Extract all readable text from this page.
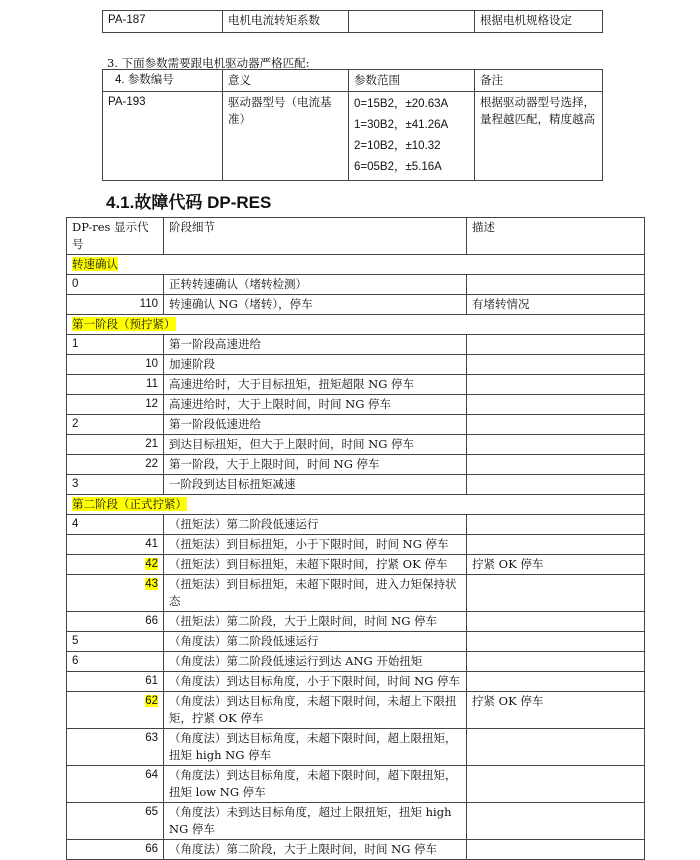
PA-187	电机电流转矩系数		根据电机规格设定
3. 下面参数需要跟电机驱动器严格匹配:
4. 参数编号	意义	参数范围	备注
PA-193	驱动器型号（电流基准）	0=15B2，±20.63A
1=30B2，±41.26A
2=10B2，±10.32
6=05B2，±5.16A	根据驱动器型号选择，量程越匹配，精度越高
4.1.故障代码 DP-RES
DP-res 显示代号	阶段细节	描述
转速确认		
0	正转转速确认（堵转检测）	
110	转速确认 NG（堵转），停车	有堵转情况
第一阶段（预拧紧）		
1	第一阶段高速进给	
10	加速阶段	
11	高速进给时，大于目标扭矩，扭矩超限 NG 停车	
12	高速进给时，大于上限时间，时间 NG 停车	
2	第一阶段低速进给	
21	到达目标扭矩，但大于上限时间，时间 NG 停车	
22	第一阶段，大于上限时间，时间 NG 停车	
3	一阶段到达目标扭矩减速	
第二阶段（正式拧紧）		
4	（扭矩法）第二阶段低速运行	
41	（扭矩法）到目标扭矩，小于下限时间，时间 NG 停车	
42	（扭矩法）到目标扭矩，未超下限时间，拧紧 OK 停车	拧紧 OK 停车
43	（扭矩法）到目标扭矩，未超下限时间，进入力矩保持状态	
66	（扭矩法）第二阶段，大于上限时间，时间 NG 停车	
5	（角度法）第二阶段低速运行	
6	（角度法）第二阶段低速运行到达 ANG 开始扭矩	
61	（角度法）到达目标角度，小于下限时间，时间 NG 停车	
62	（角度法）到达目标角度，未超下限时间，未超上下限扭矩，拧紧 OK 停车	拧紧 OK 停车
63	（角度法）到达目标角度，未超下限时间，超上限扭矩，扭矩 high NG 停车	
64	（角度法）到达目标角度，未超下限时间，超下限扭矩，扭矩 low NG 停车	
65	（角度法）未到达目标角度，超过上限扭矩，扭矩 high NG 停车	
66	（角度法）第二阶段，大于上限时间，时间 NG 停车	
